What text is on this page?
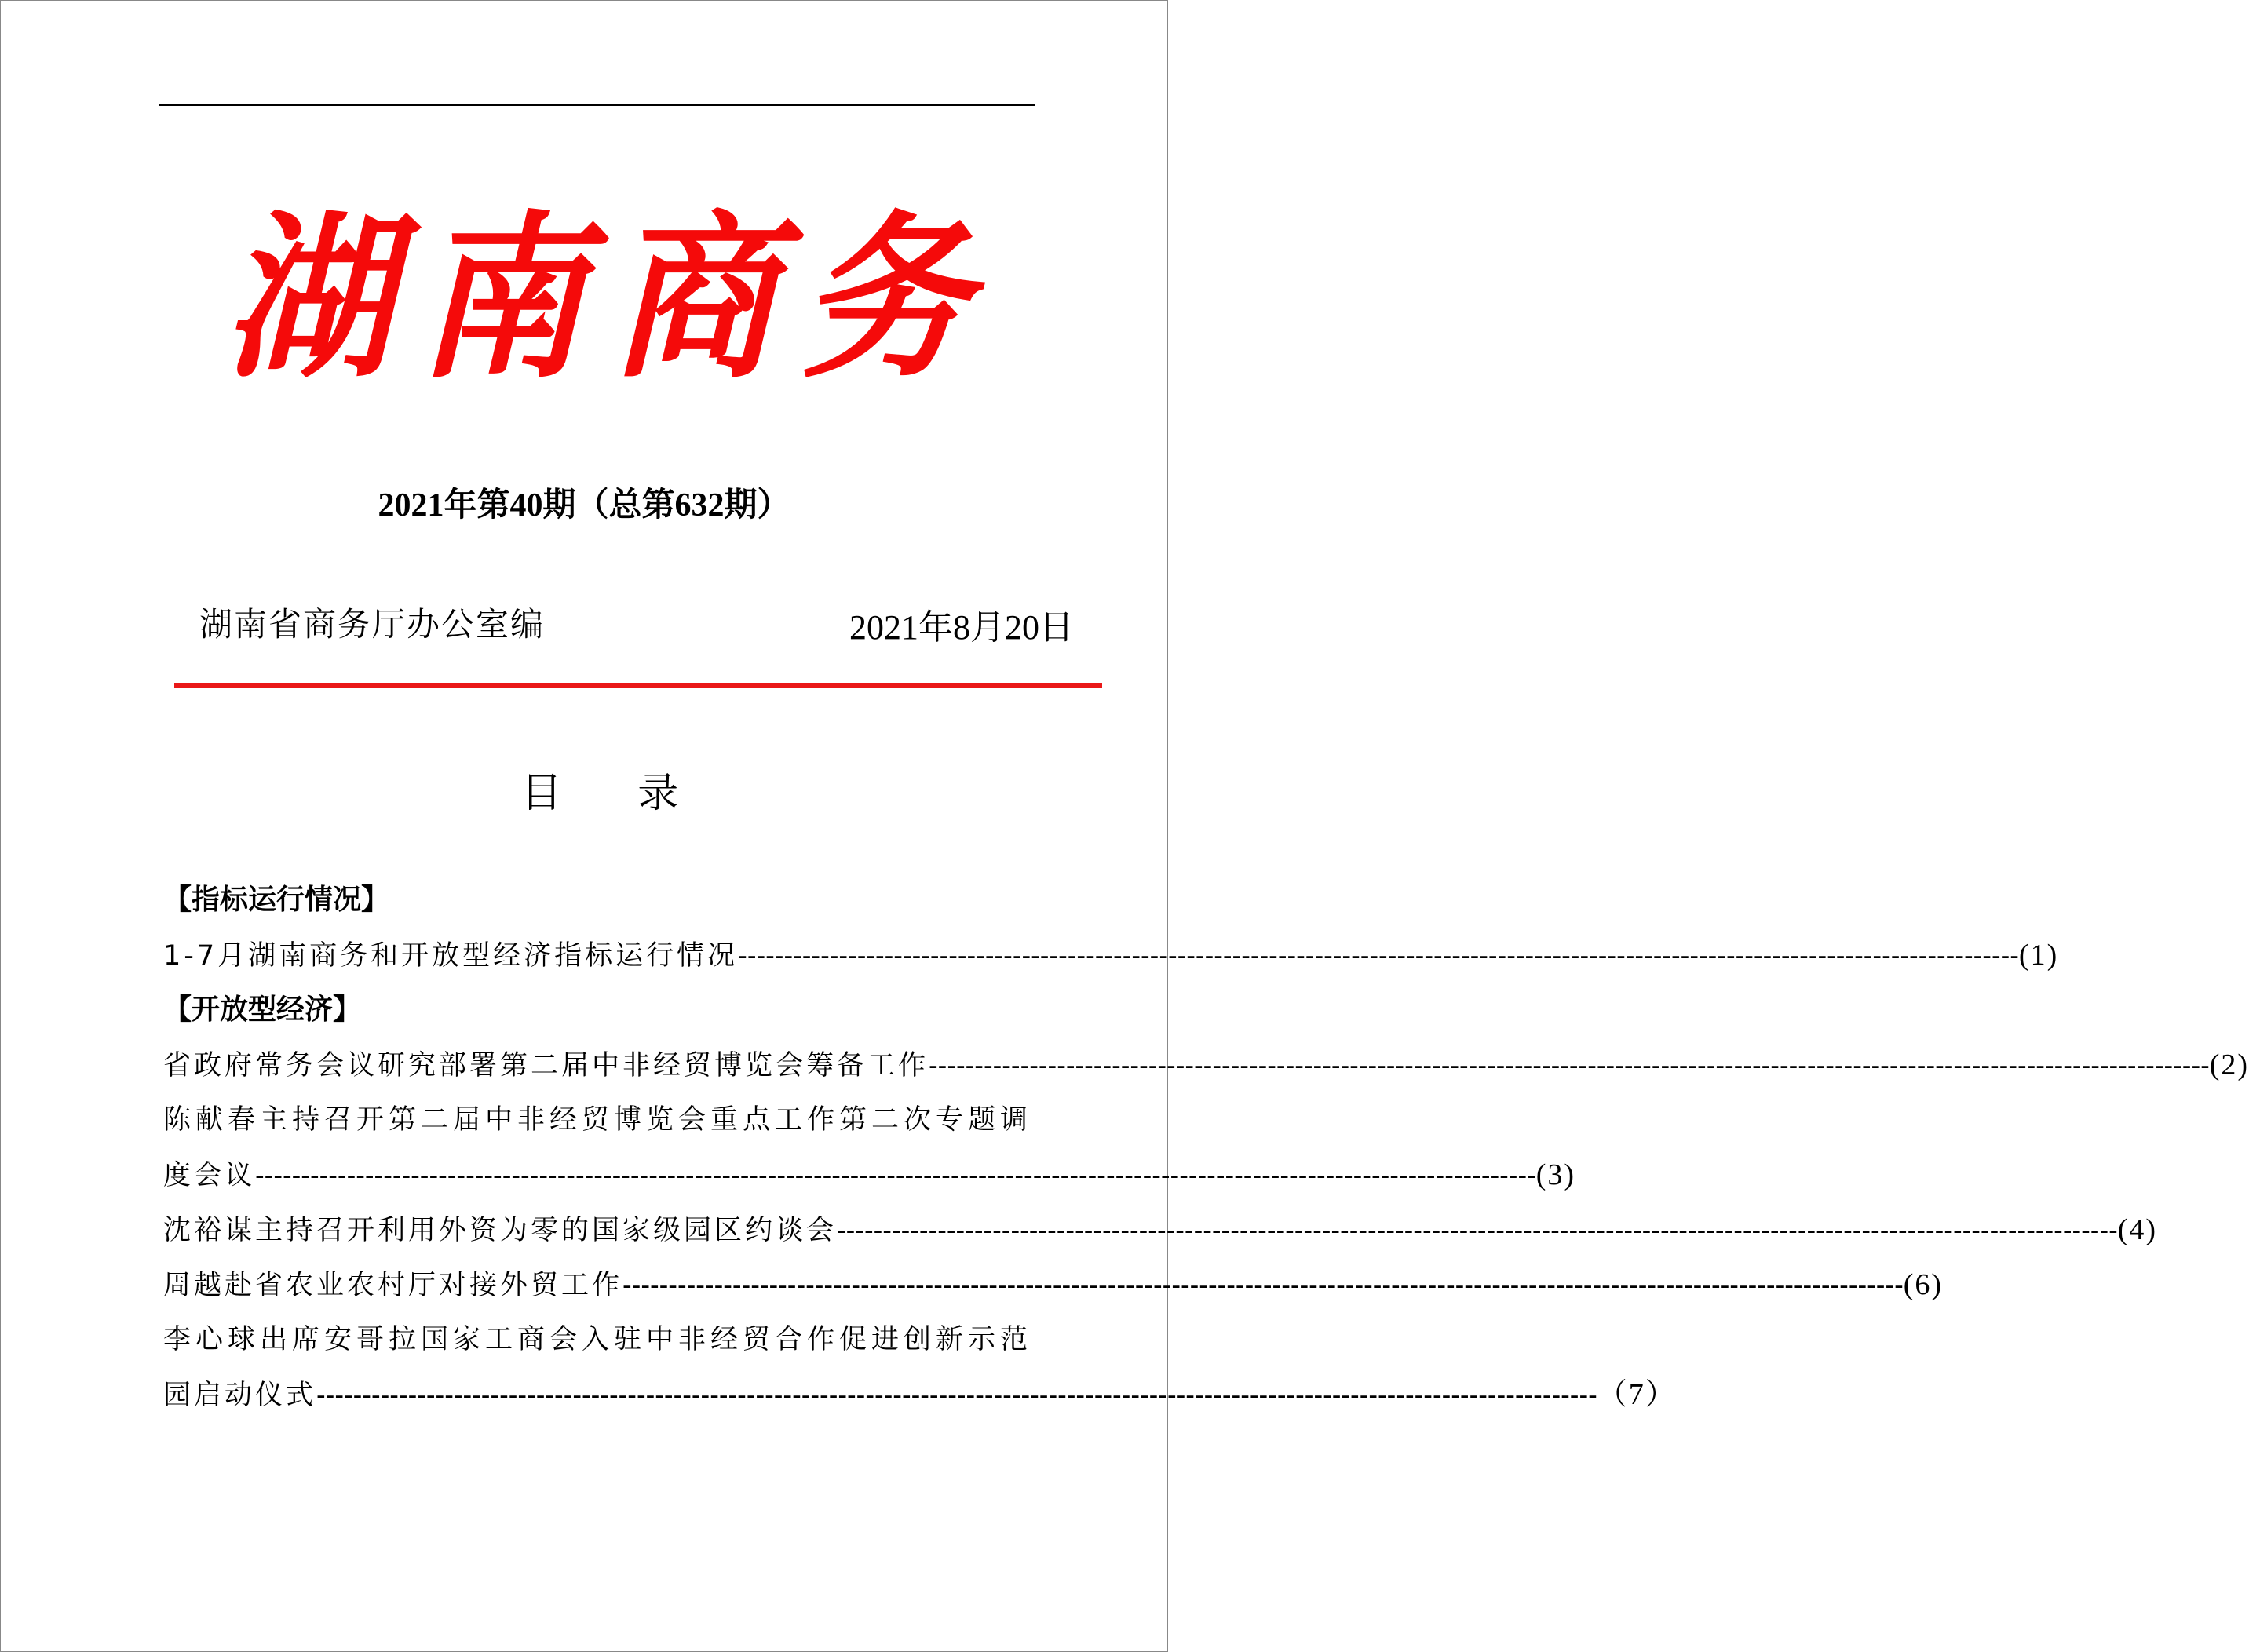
湖南商务
2021年第40期（总第632期）
湖南省商务厅办公室编	2021年8月20日
目 录
【指标运行情况】
1-7月湖南商务和开放型经济指标运行情况 -------------------------------------------------------------------------------------------------------------------------------------------- (1)
【开放型经济】
省政府常务会议研究部署第二届中非经贸博览会筹备工作 -------------------------------------------------------------------------------------------------------------------------------------------- (2)
陈献春主持召开第二届中非经贸博览会重点工作第二次专题调
度会议 -------------------------------------------------------------------------------------------------------------------------------------------- (3)
沈裕谋主持召开利用外资为零的国家级园区约谈会 -------------------------------------------------------------------------------------------------------------------------------------------- (4)
周越赴省农业农村厅对接外贸工作 -------------------------------------------------------------------------------------------------------------------------------------------- (6)
李心球出席安哥拉国家工商会入驻中非经贸合作促进创新示范
园启动仪式 -------------------------------------------------------------------------------------------------------------------------------------------- （7）
